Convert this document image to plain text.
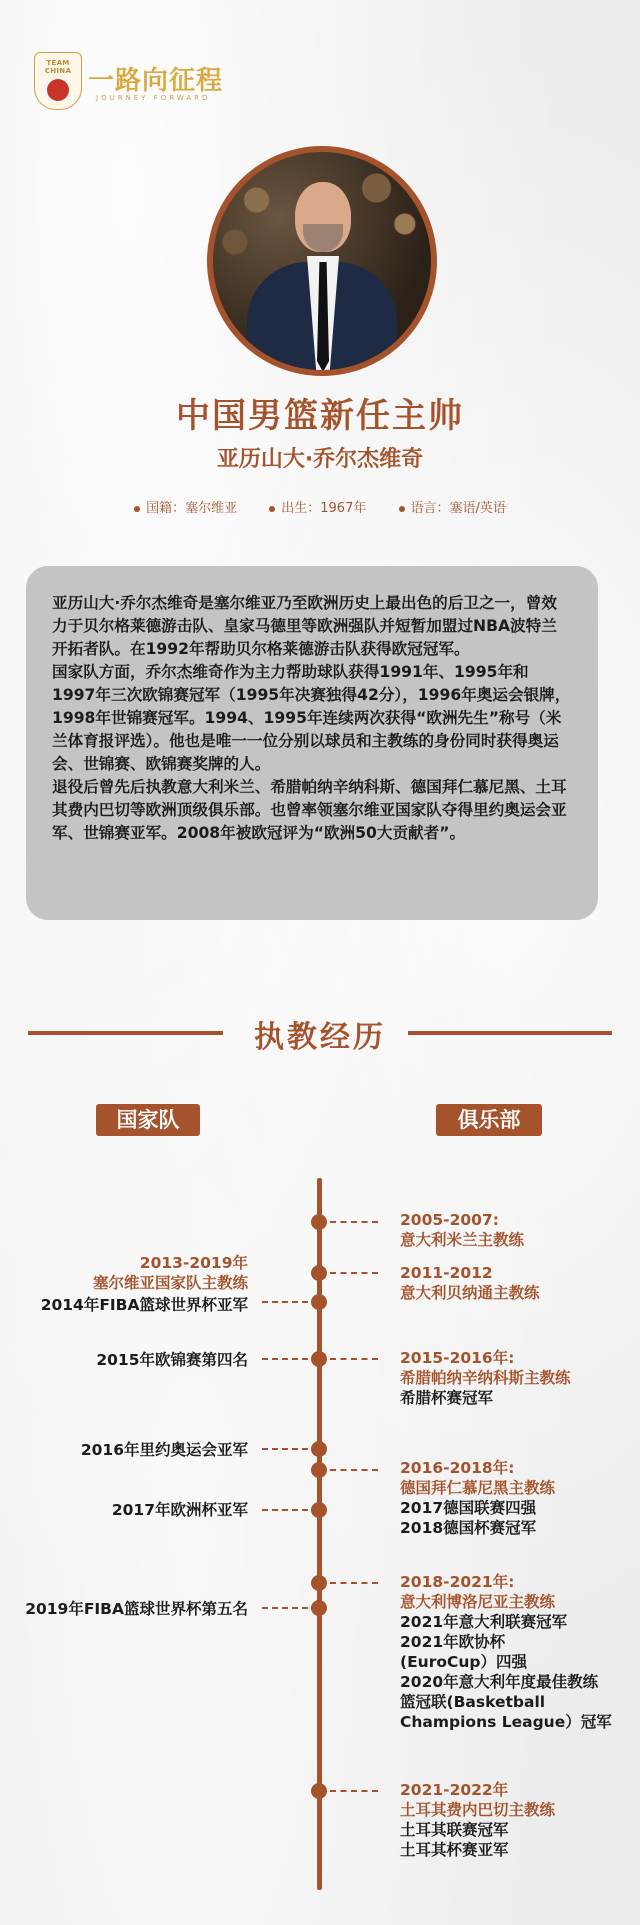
TEAM CHINA 一路向征程
JOURNEY FORWARD
中国男篮新任主帅
亚历山大·乔尔杰维奇
国籍：塞尔维亚	出生：1967年	语言：塞语/英语

亚历山大·乔尔杰维奇是塞尔维亚乃至欧洲历史上最出色的后卫之一，曾效力于贝尔格莱德游击队、皇家马德里等欧洲强队并短暂加盟过NBA波特兰开拓者队。在1992年帮助贝尔格莱德游击队获得欧冠冠军。

国家队方面，乔尔杰维奇作为主力帮助球队获得1991年、1995年和1997年三次欧锦赛冠军（1995年决赛独得42分），1996年奥运会银牌，1998年世锦赛冠军。1994、1995年连续两次获得“欧洲先生”称号（米兰体育报评选）。他也是唯一一位分别以球员和主教练的身份同时获得奥运会、世锦赛、欧锦赛奖牌的人。

退役后曾先后执教意大利米兰、希腊帕纳辛纳科斯、德国拜仁慕尼黑、土耳其费内巴切等欧洲顶级俱乐部。也曾率领塞尔维亚国家队夺得里约奥运会亚军、世锦赛亚军。2008年被欧冠评为“欧洲50大贡献者”。

执教经历
国家队	俱乐部
2013-2019年
塞尔维亚国家队主教练
2014年FIBA篮球世界杯亚军
2015年欧锦赛第四名
2016年里约奥运会亚军
2017年欧洲杯亚军
2019年FIBA篮球世界杯第五名
2005-2007:
意大利米兰主教练
2011-2012
意大利贝纳通主教练
2015-2016年:
希腊帕纳辛纳科斯主教练
希腊杯赛冠军
2016-2018年:
德国拜仁慕尼黑主教练
2017德国联赛四强
2018德国杯赛冠军
2018-2021年:
意大利博洛尼亚主教练
2021年意大利联赛冠军
2021年欧协杯
(EuroCup）四强
2020年意大利年度最佳教练
篮冠联(Basketball
Champions League）冠军
2021-2022年
土耳其费内巴切主教练
土耳其联赛冠军
土耳其杯赛亚军
